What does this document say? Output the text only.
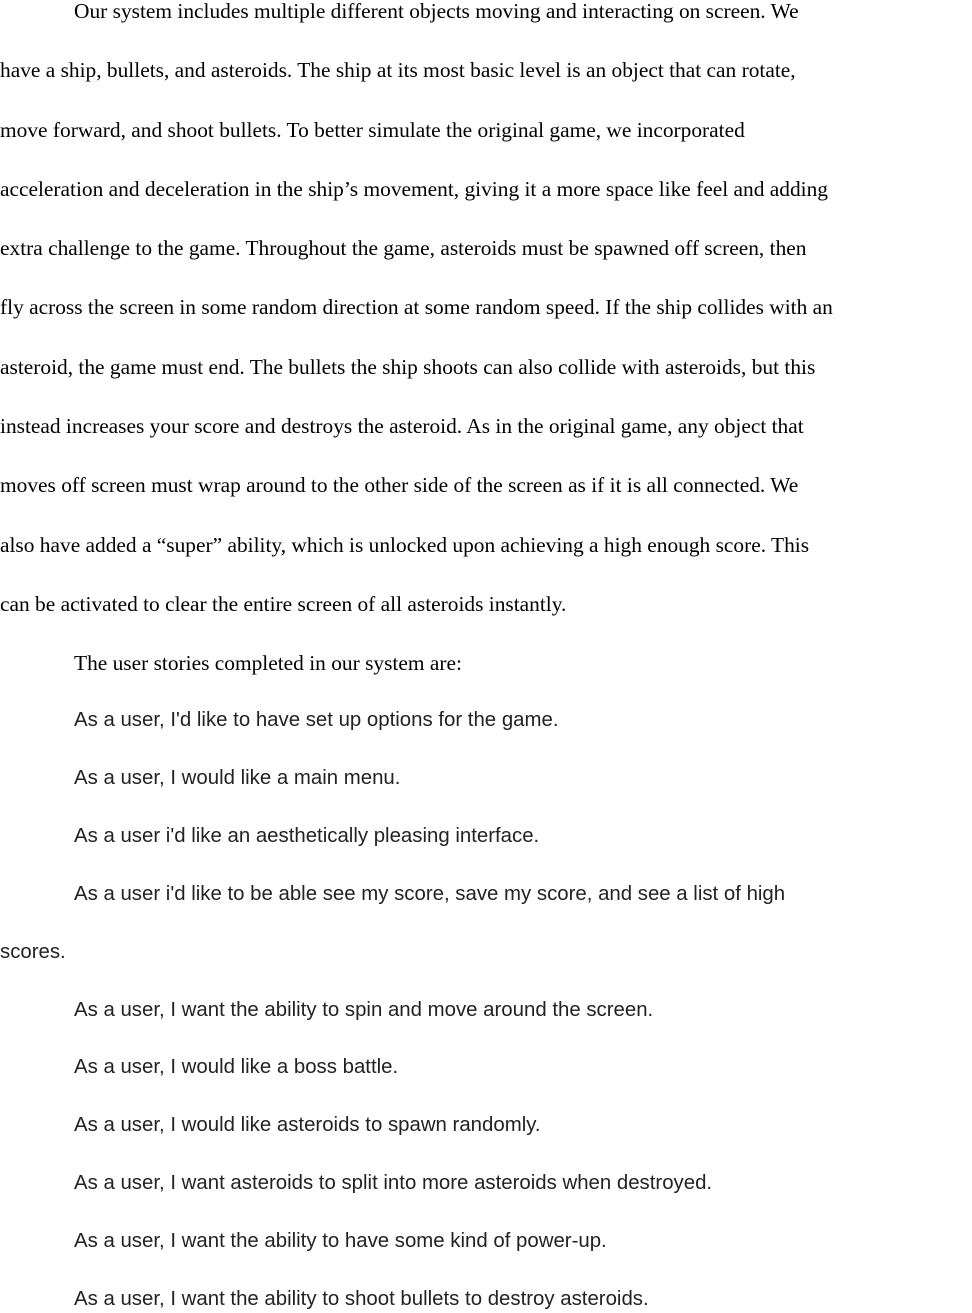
Our system includes multiple different objects moving and interacting on screen. We
have a ship, bullets, and asteroids. The ship at its most basic level is an object that can rotate,
move forward, and shoot bullets. To better simulate the original game, we incorporated
acceleration and deceleration in the ship’s movement, giving it a more space like feel and adding
extra challenge to the game. Throughout the game, asteroids must be spawned off screen, then
fly across the screen in some random direction at some random speed. If the ship collides with an
asteroid, the game must end. The bullets the ship shoots can also collide with asteroids, but this
instead increases your score and destroys the asteroid. As in the original game, any object that
moves off screen must wrap around to the other side of the screen as if it is all connected. We
also have added a “super” ability, which is unlocked upon achieving a high enough score. This
can be activated to clear the entire screen of all asteroids instantly.
The user stories completed in our system are:
As a user, I'd like to have set up options for the game.
As a user, I would like a main menu.
As a user i'd like an aesthetically pleasing interface.
As a user i'd like to be able see my score, save my score, and see a list of high
scores.
As a user, I want the ability to spin and move around the screen.
As a user, I would like a boss battle.
As a user, I would like asteroids to spawn randomly.
As a user, I want asteroids to split into more asteroids when destroyed.
As a user, I want the ability to have some kind of power-up.
As a user, I want the ability to shoot bullets to destroy asteroids.
